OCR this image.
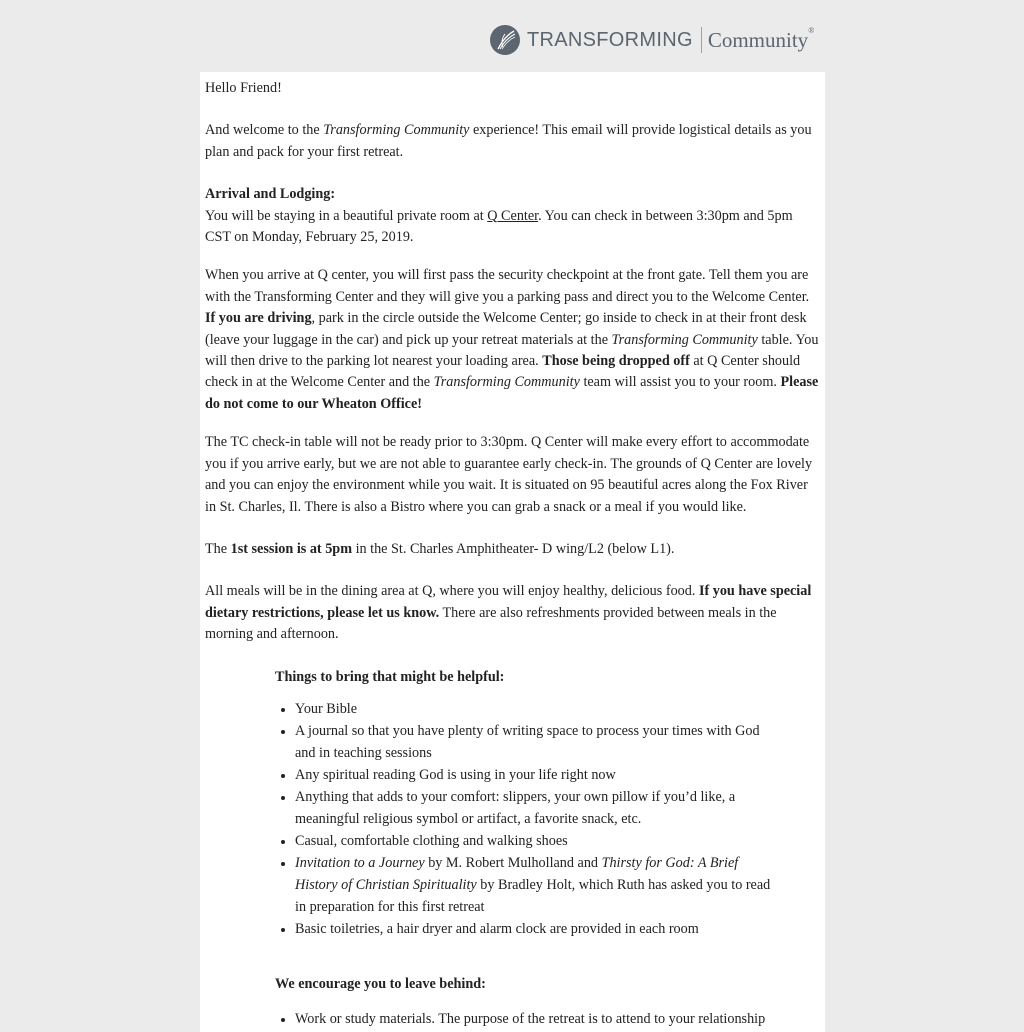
TRANSFORMING Community®

Hello Friend!

And welcome to the Transforming Community experience! This email will provide logistical details as you plan and pack for your first retreat.

Arrival and Lodging:

You will be staying in a beautiful private room at Q Center. You can check in between 3:30pm and 5pm CST on Monday, February 25, 2019.

When you arrive at Q center, you will first pass the security checkpoint at the front gate. Tell them you are with the Transforming Center and they will give you a parking pass and direct you to the Welcome Center. If you are driving, park in the circle outside the Welcome Center; go inside to check in at their front desk (leave your luggage in the car) and pick up your retreat materials at the Transforming Community table. You will then drive to the parking lot nearest your loading area. Those being dropped off at Q Center should check in at the Welcome Center and the Transforming Community team will assist you to your room. Please do not come to our Wheaton Office!

The TC check-in table will not be ready prior to 3:30pm. Q Center will make every effort to accommodate you if you arrive early, but we are not able to guarantee early check-in. The grounds of Q Center are lovely and you can enjoy the environment while you wait. It is situated on 95 beautiful acres along the Fox River in St. Charles, Il. There is also a Bistro where you can grab a snack or a meal if you would like.

The 1st session is at 5pm in the St. Charles Amphitheater- D wing/L2 (below L1).

All meals will be in the dining area at Q, where you will enjoy healthy, delicious food. If you have special dietary restrictions, please let us know. There are also refreshments provided between meals in the morning and afternoon.

Things to bring that might be helpful:

• Your Bible
• A journal so that you have plenty of writing space to process your times with God and in teaching sessions
• Any spiritual reading God is using in your life right now
• Anything that adds to your comfort: slippers, your own pillow if you’d like, a meaningful religious symbol or artifact, a favorite snack, etc.
• Casual, comfortable clothing and walking shoes
• Invitation to a Journey by M. Robert Mulholland and Thirsty for God: A Brief History of Christian Spirituality by Bradley Holt, which Ruth has asked you to read in preparation for this first retreat
• Basic toiletries, a hair dryer and alarm clock are provided in each room

We encourage you to leave behind:

• Work or study materials. The purpose of the retreat is to attend to your relationship
